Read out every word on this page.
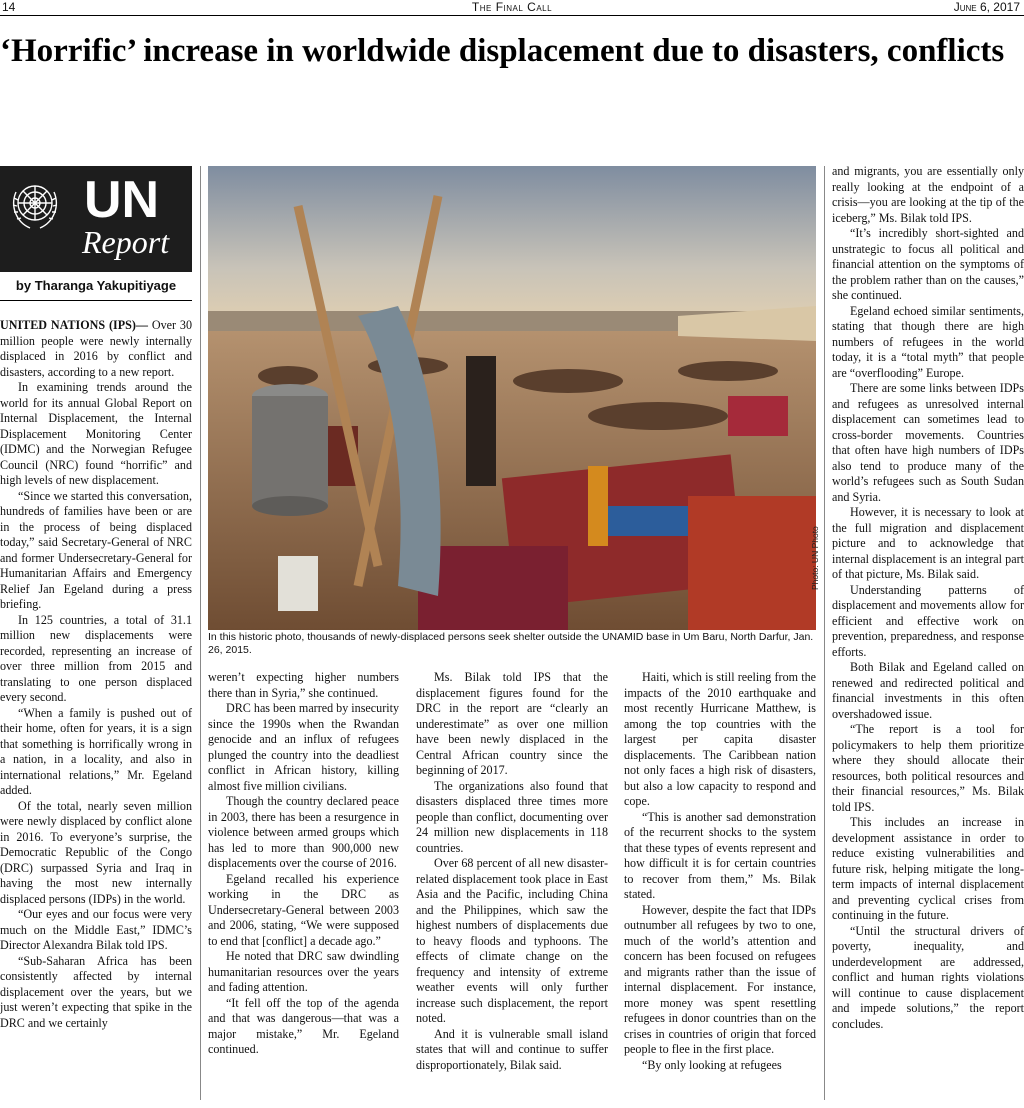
14	The Final Call	June 6, 2017
‘Horrific’ increase in worldwide displacement due to disasters, conflicts
UN
Report
by Tharanga Yakupitiyage
Photo: UN Photo
In this historic photo, thousands of newly-displaced persons seek shelter outside the UNAMID base in Um Baru, North Darfur, Jan. 26, 2015.

UNITED NATIONS (IPS)— Over 30 million people were newly internally displaced in 2016 by conflict and disasters, according to a new report.

In examining trends around the world for its annual Global Report on Internal Displacement, the Internal Displacement Monitoring Center (IDMC) and the Norwegian Refugee Council (NRC) found “horrific” and high levels of new displacement.

“Since we started this conversation, hundreds of families have been or are in the process of being displaced today,” said Secretary-General of NRC and former Undersecretary-General for Humanitarian Affairs and Emergency Relief Jan Egeland during a press briefing.

In 125 countries, a total of 31.1 million new displacements were recorded, representing an increase of over three million from 2015 and translating to one person displaced every second.

“When a family is pushed out of their home, often for years, it is a sign that something is horrifically wrong in a nation, in a locality, and also in international relations,” Mr. Egeland added.

Of the total, nearly seven million were newly displaced by conflict alone in 2016. To everyone’s surprise, the Democratic Republic of the Congo (DRC) surpassed Syria and Iraq in having the most new internally displaced persons (IDPs) in the world.

“Our eyes and our focus were very much on the Middle East,” IDMC’s Director Alexandra Bilak told IPS.

“Sub-Saharan Africa has been consistently affected by internal displacement over the years, but we just weren’t expecting that spike in the DRC and we certainly

weren’t expecting higher numbers there than in Syria,” she continued.

DRC has been marred by insecurity since the 1990s when the Rwandan genocide and an influx of refugees plunged the country into the deadliest conflict in African history, killing almost five million civilians.

Though the country declared peace in 2003, there has been a resurgence in violence between armed groups which has led to more than 900,000 new displacements over the course of 2016.

Egeland recalled his experience working in the DRC as Undersecretary-General between 2003 and 2006, stating, “We were supposed to end that [conflict] a decade ago.”

He noted that DRC saw dwindling humanitarian resources over the years and fading attention.

“It fell off the top of the agenda and that was dangerous—that was a major mistake,” Mr. Egeland continued.

Ms. Bilak told IPS that the displacement figures found for the DRC in the report are “clearly an underestimate” as over one million have been newly displaced in the Central African country since the beginning of 2017.

The organizations also found that disasters displaced three times more people than conflict, documenting over 24 million new displacements in 118 countries.

Over 68 percent of all new disaster-related displacement took place in East Asia and the Pacific, including China and the Philippines, which saw the highest numbers of displacements due to heavy floods and typhoons. The effects of climate change on the frequency and intensity of extreme weather events will only further increase such displacement, the report noted.

And it is vulnerable small island states that will and continue to suffer disproportionately, Bilak said.

Haiti, which is still reeling from the impacts of the 2010 earthquake and most recently Hurricane Matthew, is among the top countries with the largest per capita disaster displacements. The Caribbean nation not only faces a high risk of disasters, but also a low capacity to respond and cope.

“This is another sad demonstration of the recurrent shocks to the system that these types of events represent and how difficult it is for certain countries to recover from them,” Ms. Bilak stated.

However, despite the fact that IDPs outnumber all refugees by two to one, much of the world’s attention and concern has been focused on refugees and migrants rather than the issue of internal displacement. For instance, more money was spent resettling refugees in donor countries than on the crises in countries of origin that forced people to flee in the first place.

“By only looking at refugees

and migrants, you are essentially only really looking at the endpoint of a crisis—you are looking at the tip of the iceberg,” Ms. Bilak told IPS.

“It’s incredibly short-sighted and unstrategic to focus all political and financial attention on the symptoms of the problem rather than on the causes,” she continued.

Egeland echoed similar sentiments, stating that though there are high numbers of refugees in the world today, it is a “total myth” that people are “overflooding” Europe.

There are some links between IDPs and refugees as unresolved internal displacement can sometimes lead to cross-border movements. Countries that often have high numbers of IDPs also tend to produce many of the world’s refugees such as South Sudan and Syria.

However, it is necessary to look at the full migration and displacement picture and to acknowledge that internal displacement is an integral part of that picture, Ms. Bilak said.

Understanding patterns of displacement and movements allow for efficient and effective work on prevention, preparedness, and response efforts.

Both Bilak and Egeland called on renewed and redirected political and financial investments in this often overshadowed issue.

“The report is a tool for policymakers to help them prioritize where they should allocate their resources, both political resources and their financial resources,” Ms. Bilak told IPS.

This includes an increase in development assistance in order to reduce existing vulnerabilities and future risk, helping mitigate the long-term impacts of internal displacement and preventing cyclical crises from continuing in the future.

“Until the structural drivers of poverty, inequality, and underdevelopment are addressed, conflict and human rights violations will continue to cause displacement and impede solutions,” the report concludes.
